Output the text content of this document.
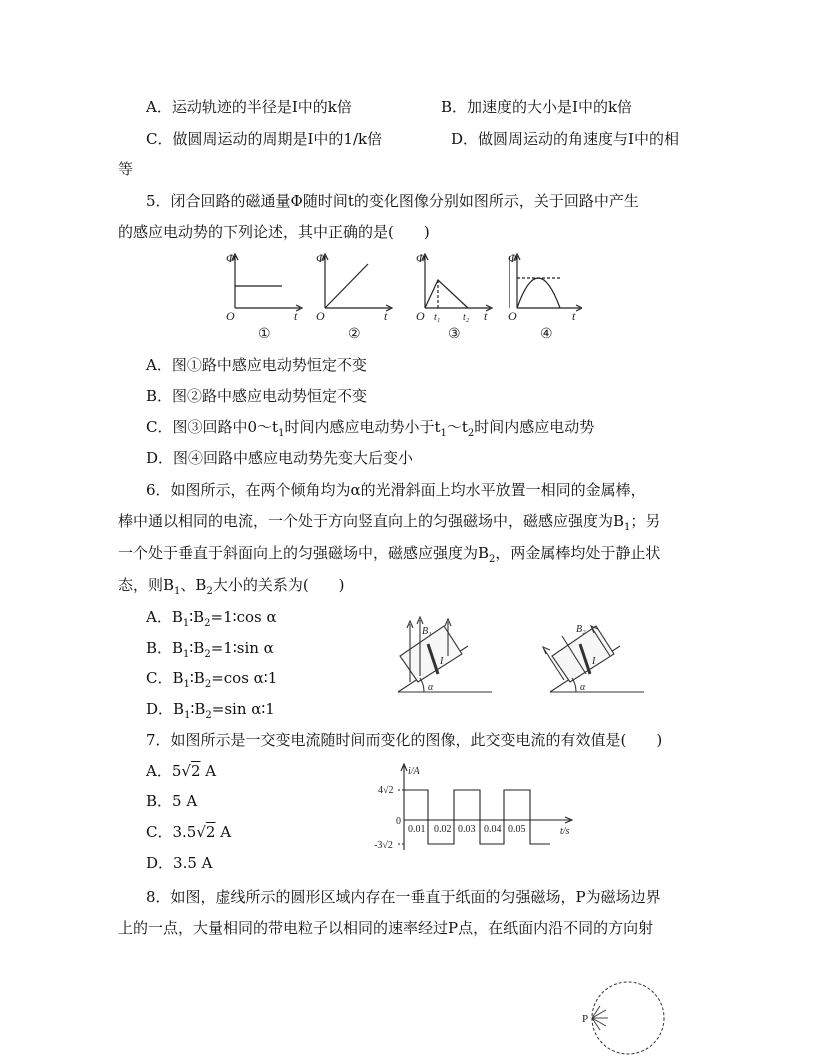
A．运动轨迹的半径是Ⅰ中的k倍	B．加速度的大小是Ⅰ中的k倍
C．做圆周运动的周期是Ⅰ中的1/k倍	D．做圆周运动的角速度与Ⅰ中的相
等
5．闭合回路的磁通量Φ随时间t的变化图像分别如图所示，关于回路中产生
的感应电动势的下列论述，其中正确的是(　　)
Φ
O	t
Φ
O	t
Φ
O t₁ t₂ t
①	②	③
Φ
O	t
④
A．图①路中感应电动势恒定不变
B．图②路中感应电动势恒定不变
C．图③回路中$0\sim t_1$时间内感应电动势小于$t_1\sim t_2$时间内感应电动势
D．图④回路中感应电动势先变大后变小
6．如图所示，在两个倾角均为α的光滑斜面上均水平放置一相同的金属棒，
棒中通以相同的电流，一个处于方向竖直向上的匀强磁场中，磁感应强度为$B_1$；另
一个处于垂直于斜面向上的匀强磁场中，磁感应强度为$B_2$，两金属棒均处于静止状
态，则$B_1$、$B_2$大小的关系为(　　)
A．$B_1∶B_2=1∶\cos$ α
B．$B_1∶B_2=1∶\sin$ α
C．$B_1∶B_2=\cos$ α∶1
D．$B_1∶B_2=\sin$ α∶1
B₁
I
α
B₂
I
α
7．如图所示是一交变电流随时间而变化的图像，此交变电流的有效值是(　　)
A．5√2 A
B．5 A
C．3.5√2 A
D．3.5 A
i/A
t/s
0
4√2
-3√2
0.01 0.02 0.03 0.04 0.05
8．如图，虚线所示的圆形区域内存在一垂直于纸面的匀强磁场，P为磁场边界
上的一点，大量相同的带电粒子以相同的速率经过P点，在纸面内沿不同的方向射
P
